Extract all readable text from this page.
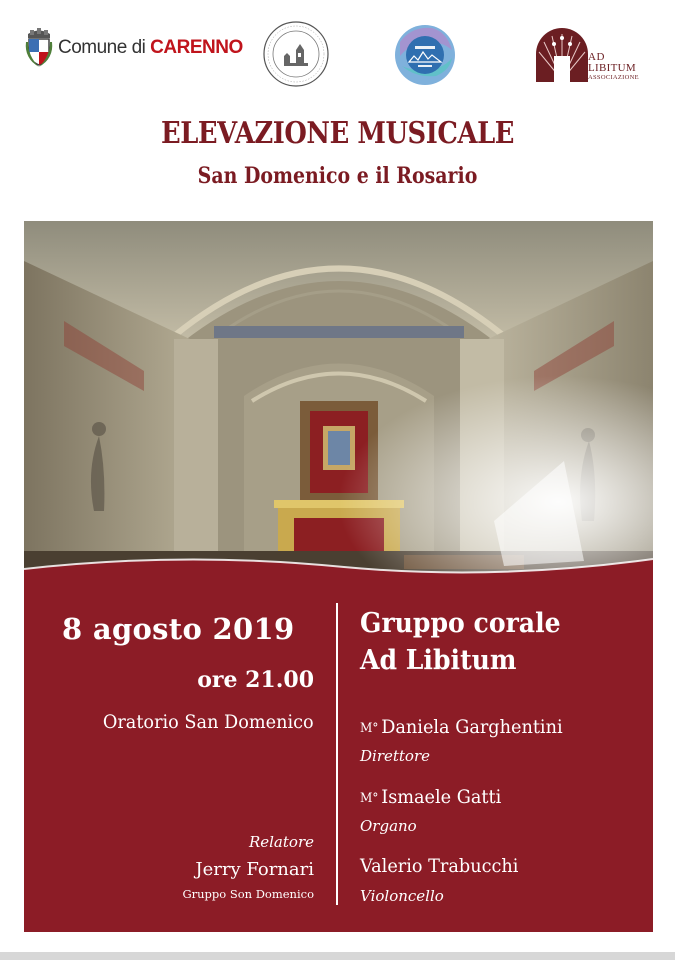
Comune di CARENNO	AD
LIBITUM
ASSOCIAZIONE
ELEVAZIONE MUSICALE
San Domenico e il Rosario
8 agosto 2019
ore 21.00
Oratorio San Domenico
Relatore
Jerry Fornari
Gruppo Son Domenico
Gruppo corale
Ad Libitum
M° Daniela Garghentini
Direttore
M° Ismaele Gatti
Organo
Valerio Trabucchi
Violoncello
